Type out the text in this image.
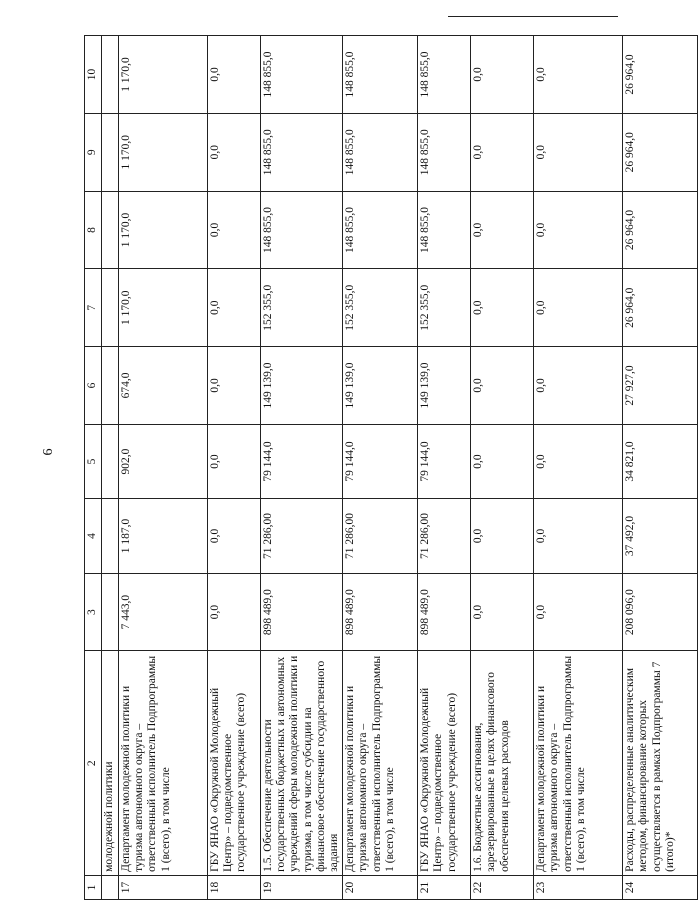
6
1	2	3	4	5	6	7	8	9	10
	молодежной политики								
17	Департамент молодежной политики и туризма автономного округа – ответственный исполнитель Подпрограммы 1 (всего), в том числе	7 443,0	1 187,0	902,0	674,0	1 170,0	1 170,0	1 170,0	1 170,0
18	ГБУ ЯНАО «Окружной Молодежный Центр» – подведомственное государственное учреждение (всего)	0,0	0,0	0,0	0,0	0,0	0,0	0,0	0,0
19	1.5. Обеспечение деятельности государственных бюджетных и автономных учреждений сферы молодежной политики и туризма, в том числе субсидии на финансовое обеспечение государственного задания	898 489,0	71 286,00	79 144,0	149 139,0	152 355,0	148 855,0	148 855,0	148 855,0
20	Департамент молодежной политики и туризма автономного округа – ответственный исполнитель Подпрограммы 1 (всего), в том числе	898 489,0	71 286,00	79 144,0	149 139,0	152 355,0	148 855,0	148 855,0	148 855,0
21	ГБУ ЯНАО «Окружной Молодежный Центр» – подведомственное государственное учреждение (всего)	898 489,0	71 286,00	79 144,0	149 139,0	152 355,0	148 855,0	148 855,0	148 855,0
22	1.6. Бюджетные ассигнования, зарезервированные в целях финансового обеспечения целевых расходов	0,0	0,0	0,0	0,0	0,0	0,0	0,0	0,0
23	Департамент молодежной политики и туризма автономного округа – ответственный исполнитель Подпрограммы 1 (всего), в том числе	0,0	0,0	0,0	0,0	0,0	0,0	0,0	0,0
24	Расходы, распределенные аналитическим методом, финансирование которых осуществляется в рамках Подпрограммы 7 (итого)*	208 096,0	37 492,0	34 821,0	27 927,0	26 964,0	26 964,0	26 964,0	26 964,0
